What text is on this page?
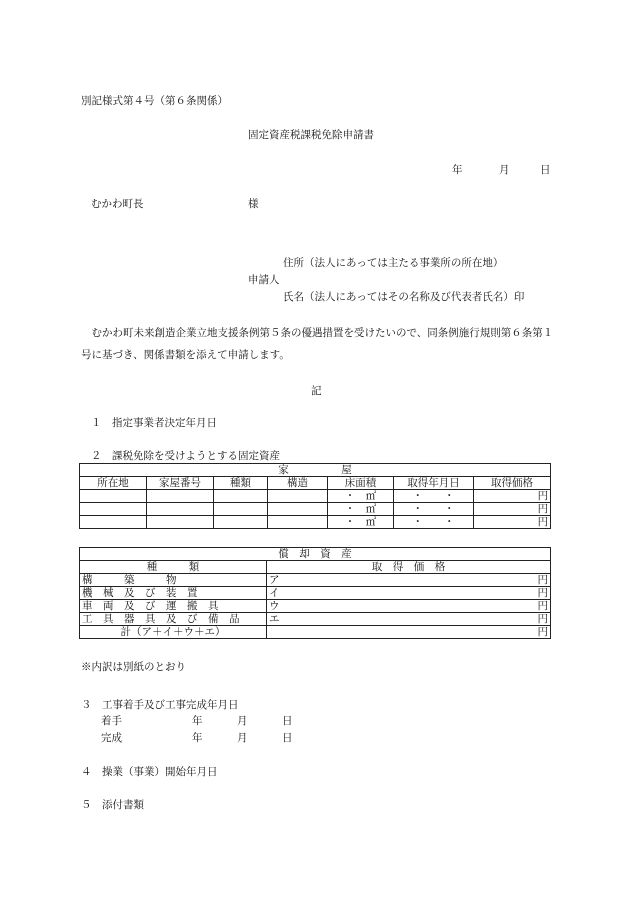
別記様式第４号（第６条関係）
固定資産税課税免除申請書
年	月	日
むかわ町長	様
住所（法人にあっては主たる事業所の所在地）
申請人
氏名（法人にあってはその名称及び代表者氏名）印
むかわ町未来創造企業立地支援条例第５条の優遇措置を受けたいので、同条例施行規則第６条第１号に基づき、関係書類を添えて申請します。
記
１　指定事業者決定年月日
２　課税免除を受けようとする固定資産
家　　　　　屋						
所在地	家屋番号	種類	構造	床面積	取得年月日	取得価格
				・　㎡	・　　・	円
				・　㎡	・　　・	円
				・　㎡	・　　・	円
償　却　資　産	
種　　　類	取　得　価　格
構　　　築　　　物	ア 円

機　械　及　び　装　置	イ 円

車　両　及　び　運　搬　具	ウ 円

工　具　器　具　及　び　備　品	エ 円

計（ア＋イ＋ウ＋エ）	円
※内訳は別紙のとおり
３　工事着手及び工事完成年月日
着手	年	月	日
完成	年	月	日
４　操業（事業）開始年月日
５　添付書類
